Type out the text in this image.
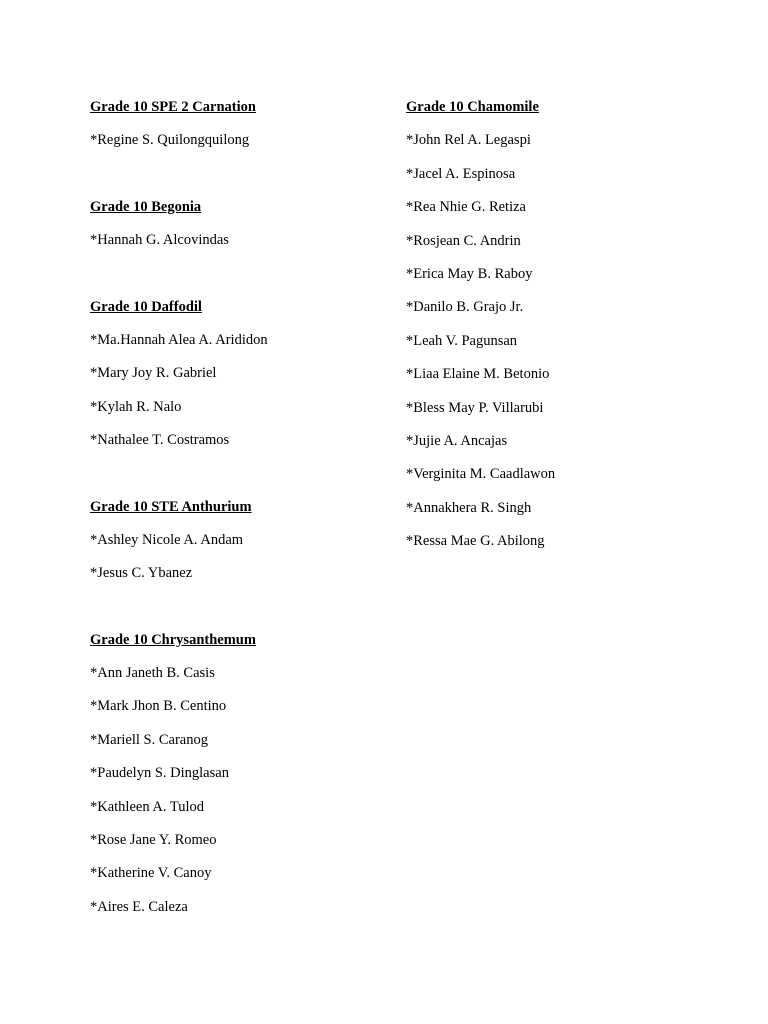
Grade 10 SPE 2 Carnation
*Regine S. Quilongquilong
Grade 10 Begonia
*Hannah G. Alcovindas
Grade 10 Daffodil
*Ma.Hannah Alea A. Arididon
*Mary Joy R. Gabriel
*Kylah R. Nalo
*Nathalee T. Costramos
Grade 10 STE Anthurium
*Ashley Nicole A. Andam
*Jesus C. Ybanez
Grade 10 Chrysanthemum
*Ann Janeth B. Casis
*Mark Jhon B. Centino
*Mariell S. Caranog
*Paudelyn S. Dinglasan
*Kathleen A. Tulod
*Rose Jane Y. Romeo
*Katherine V. Canoy
*Aires E. Caleza
Grade 10 Chamomile
*John Rel A. Legaspi
*Jacel A. Espinosa
*Rea Nhie G. Retiza
*Rosjean C. Andrin
*Erica May B. Raboy
*Danilo B. Grajo Jr.
*Leah V. Pagunsan
*Liaa Elaine M. Betonio
*Bless May P. Villarubi
*Jujie A. Ancajas
*Verginita M. Caadlawon
*Annakhera R. Singh
*Ressa Mae G. Abilong
